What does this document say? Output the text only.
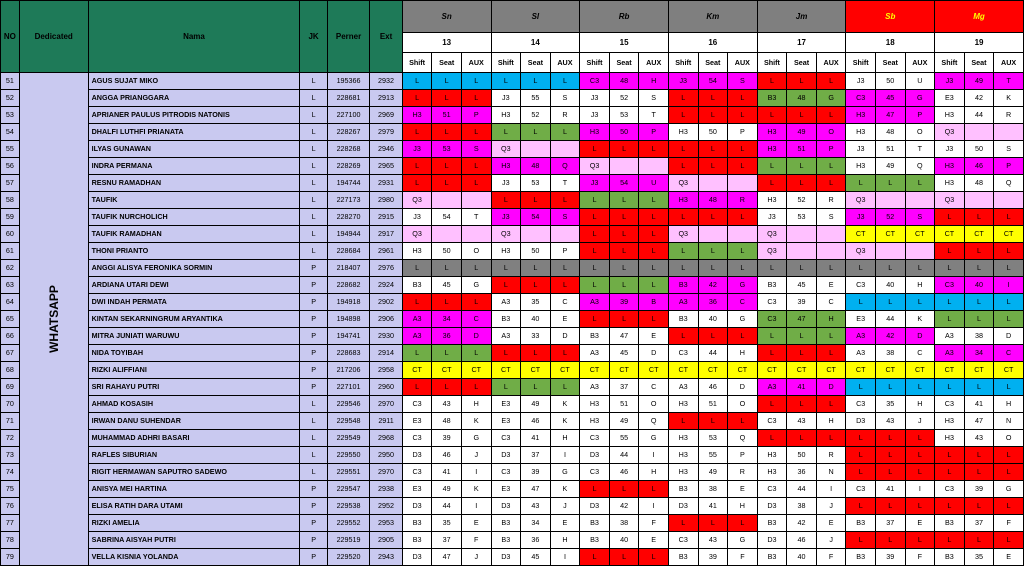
NO	Dedicated	Nama	JK	Perner	Ext	Sn			Sl			Rb			Km			Jm			Sb			Mg		
						13			14			15			16			17			18			19		
						Shift	Seat	AUX	Shift	Seat	AUX	Shift	Seat	AUX	Shift	Seat	AUX	Shift	Seat	AUX	Shift	Seat	AUX	Shift	Seat	AUX
51	WHATSAPP	AGUS SUJAT MIKO	L	195366	2932	L	L	L	L	L	L	C3	48	H	J3	54	S	L	L	L	J3	50	U	J3	49	T
52		ANGGA PRIANGGARA	L	228681	2913	L	L	L	J3	55	S	J3	52	S	L	L	L	B3	48	G	C3	45	G	E3	42	K
53		APRIANER PAULUS PITRODIS NATONIS	L	227100	2969	H3	51	P	H3	52	R	J3	53	T	L	L	L	L	L	L	H3	47	P	H3	44	R
54		DHALFI LUTHFI PRIANATA	L	228267	2979	L	L	L	L	L	L	H3	50	P	H3	50	P	H3	49	O	H3	48	O	Q3		
55		ILYAS GUNAWAN	L	228268	2946	J3	53	S	Q3			L	L	L	L	L	L	H3	51	P	J3	51	T	J3	50	S
56		INDRA PERMANA	L	228269	2965	L	L	L	H3	48	Q	Q3			L	L	L	L	L	L	H3	49	Q	H3	46	P
57		RESNU RAMADHAN	L	194744	2931	L	L	L	J3	53	T	J3	54	U	Q3			L	L	L	L	L	L	H3	48	Q
58		TAUFIK	L	227173	2980	Q3			L	L	L	L	L	L	H3	48	R	H3	52	R	Q3			Q3		
59		TAUFIK NURCHOLICH	L	228270	2915	J3	54	T	J3	54	S	L	L	L	L	L	L	J3	53	S	J3	52	S	L	L	L
60		TAUFIK RAMADHAN	L	194944	2917	Q3			Q3			L	L	L	Q3			Q3			CT	CT	CT	CT	CT	CT
61		THONI PRIANTO	L	228684	2961	H3	50	O	H3	50	P	L	L	L	L	L	L	Q3			Q3			L	L	L
62		ANGGI ALISYA FERONIKA SORMIN	P	218407	2976	L	L	L	L	L	L	L	L	L	L	L	L	L	L	L	L	L	L	L	L	L
63		ARDIANA UTARI DEWI	P	228682	2924	B3	45	G	L	L	L	L	L	L	B3	42	G	B3	45	E	C3	40	H	C3	40	I
64		DWI INDAH PERMATA	P	194918	2902	L	L	L	A3	35	C	A3	39	B	A3	36	C	C3	39	C	L	L	L	L	L	L
65		KINTAN SEKARNINGRUM ARYANTIKA	P	194898	2906	A3	34	C	B3	40	E	L	L	L	B3	40	G	C3	47	H	E3	44	K	L	L	L
66		MITRA JUNIATI WARUWU	P	194741	2930	A3	36	D	A3	33	D	B3	47	E	L	L	L	L	L	L	A3	42	D	A3	38	D
67		NIDA TOYIBAH	P	228683	2914	L	L	L	L	L	L	A3	45	D	C3	44	H	L	L	L	A3	38	C	A3	34	C
68		RIZKI ALIFFIANI	P	217206	2958	CT	CT	CT	CT	CT	CT	CT	CT	CT	CT	CT	CT	CT	CT	CT	CT	CT	CT	CT	CT	CT
69		SRI RAHAYU PUTRI	P	227101	2960	L	L	L	L	L	L	A3	37	C	A3	46	D	A3	41	D	L	L	L	L	L	L
70		AHMAD KOSASIH	L	229546	2970	C3	43	H	E3	49	K	H3	51	O	H3	51	O	L	L	L	C3	35	H	C3	41	H
71		IRWAN DANU SUHENDAR	L	229548	2911	E3	48	K	E3	46	K	H3	49	Q	L	L	L	C3	43	H	D3	43	J	H3	47	N
72		MUHAMMAD ADHRI BASARI	L	229549	2968	C3	39	G	C3	41	H	C3	55	G	H3	53	Q	L	L	L	L	L	L	H3	43	O
73		RAFLES SIBURIAN	L	229550	2950	D3	46	J	D3	37	I	D3	44	I	H3	55	P	H3	50	R	L	L	L	L	L	L
74		RIGIT HERMAWAN SAPUTRO SADEWO	L	229551	2970	C3	41	I	C3	39	G	C3	46	H	H3	49	R	H3	36	N	L	L	L	L	L	L
75		ANISYA MEI HARTINA	P	229547	2938	E3	49	K	E3	47	K	L	L	L	B3	38	E	C3	44	I	C3	41	I	C3	39	G
76		ELISA RATIH DARA UTAMI	P	229538	2952	D3	44	I	D3	43	J	D3	42	I	D3	41	H	D3	38	J	L	L	L	L	L	L
77		RIZKI AMELIA	P	229552	2953	B3	35	E	B3	34	E	B3	38	F	L	L	L	B3	42	E	B3	37	E	B3	37	F
78		SABRINA AISYAH PUTRI	P	229519	2905	B3	37	F	B3	36	H	B3	40	E	C3	43	G	D3	46	J	L	L	L	L	L	L
79		VELLA KISNIA YOLANDA	P	229520	2943	D3	47	J	D3	45	I	L	L	L	B3	39	F	B3	40	F	B3	39	F	B3	35	E
